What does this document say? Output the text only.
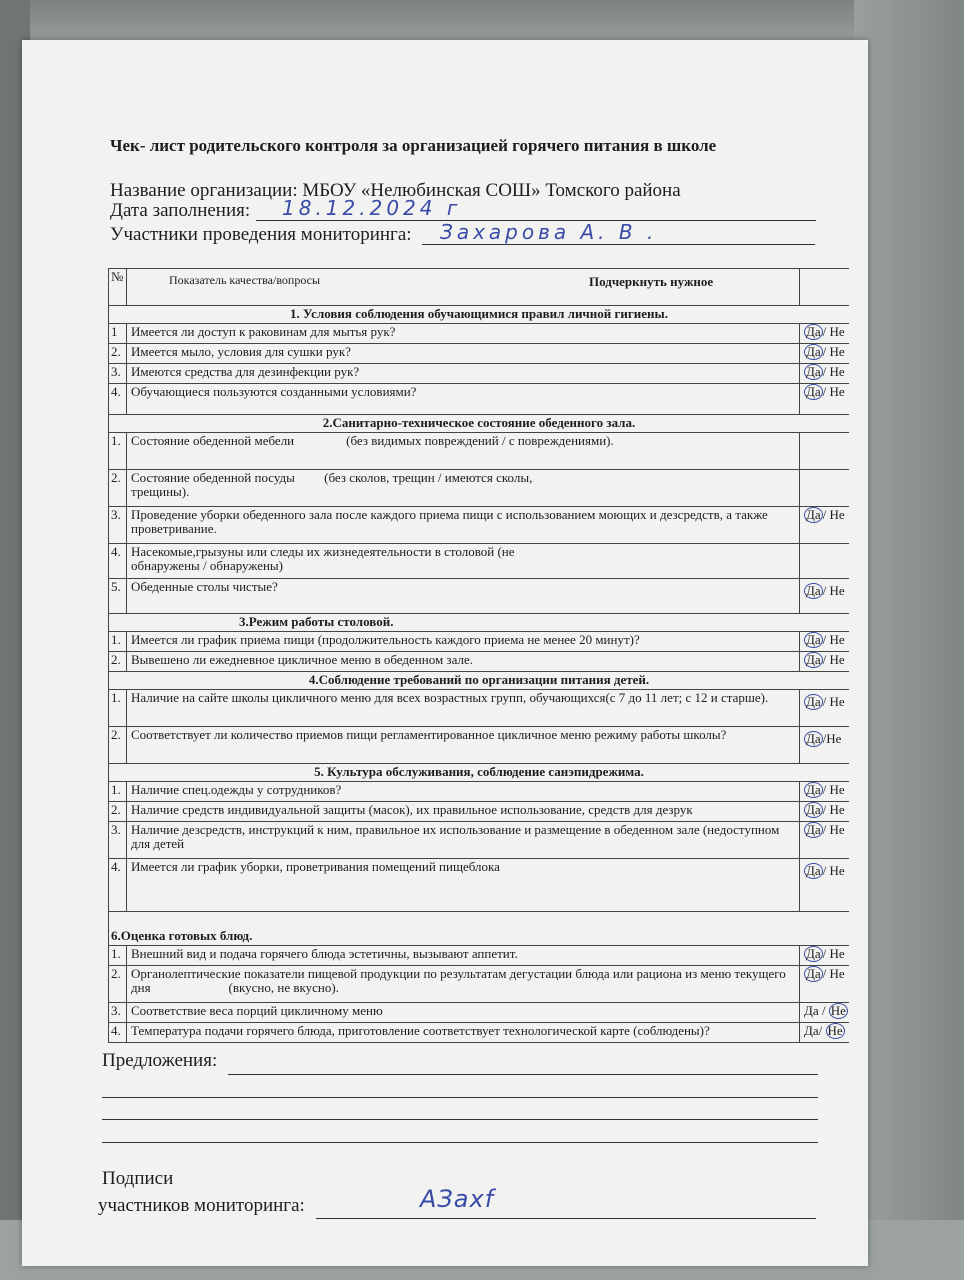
Чек- лист родительского контроля за организацией горячего питания в школе
Название организации: МБОУ «Нелюбинская СОШ» Томского района
Дата заполнения: 18.12.2024 г
Участники проведения мониторинга: Захарова А. В .
№	Показатель качества/вопросы	Подчеркнуть нужное
1. Условия соблюдения обучающимися правил личной гигиены.
1	Имеется ли доступ к раковинам для мытья рук?	Да / Не
2. Имеется мыло, условия для сушки рук?	Да / Не
3. Имеются средства для дезинфекции рук?	Да / Не
4. Обучающиеся пользуются созданными условиями?	Да / Не
2.Санитарно-техническое состояние обеденного зала.
1. Состояние обеденной мебели                (без видимых повреждений / с повреждениями).
2. Состояние обеденной посуды         (без сколов, трещин / имеются сколы, трещины).
3. Проведение уборки обеденного зала после каждого приема пищи с использованием моющих и дезсредств, а также проветривание.
Да / Не
4. Насекомые,грызуны или следы их жизнедеятельности в столовой (не обнаружены / обнаружены)
5. Обеденные столы чистые?	Да / Не
3.Режим работы столовой.
1. Имеется ли график приема пищи (продолжительность каждого приема не менее 20 минут)?	Да / Не
2. Вывешено ли ежедневное цикличное меню в обеденном зале.	Да / Не
4.Соблюдение требований по организации питания детей.
1. Наличие на сайте школы цикличного меню для всех возрастных групп, обучающихся(с 7 до 11 лет; с 12 и старше).	Да / Не
2. Соответствует ли количество приемов пищи регламентированное цикличное меню режиму работы школы?	Да /Не
5. Культура обслуживания, соблюдение санэпидрежима.
1. Наличие спец.одежды у сотрудников?	Да / Не
2. Наличие средств индивидуальной защиты (масок), их правильное использование, средств для дезрук	Да / Не
3. Наличие дезсредств, инструкций к ним, правильное их использование и размещение в обеденном зале (недоступном для детей
Да / Не
4. Имеется ли график уборки, проветривания помещений пищеблока	Да / Не
6.Оценка готовых блюд.
1. Внешний вид и подача горячего блюда эстетичны, вызывают аппетит.	Да / Не
2. Органолептические показатели пищевой продукции по результатам дегустации блюда или рациона из меню текущего дня                        (вкусно, не вкусно).
Да / Не
3. Соответствие веса порций цикличному меню	Да / Не
4. Температура подачи горячего блюда, приготовление соответствует технологической карте (соблюдены)?	Да/ Не
Предложения:
Подписи
участников мониторинга:	АЗахf
